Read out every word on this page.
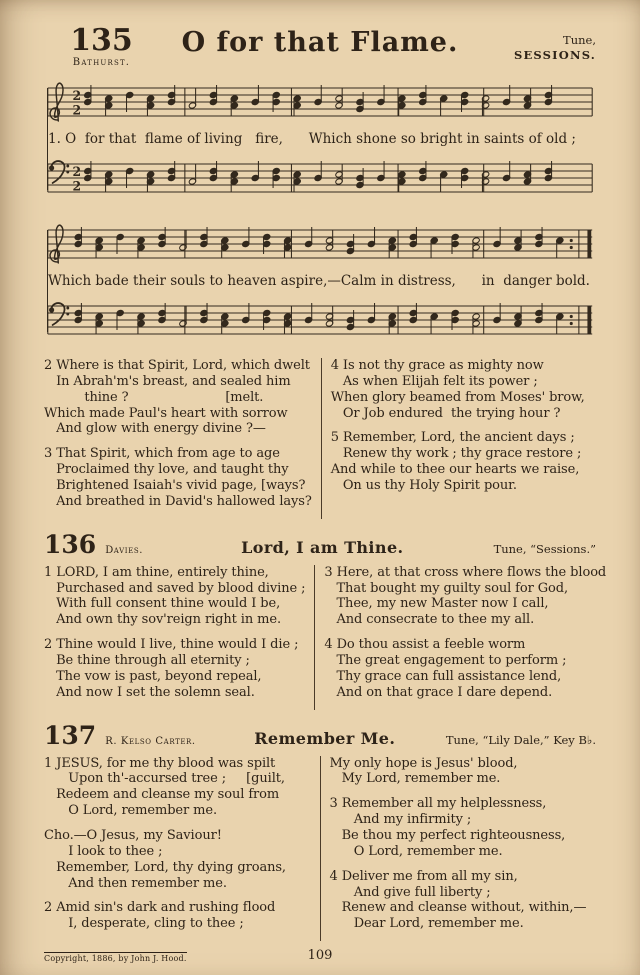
135
Bathurst.
O for that Flame.	Tune,
SESSIONS.
2
2
1. O  for that  flame of living   fire,      Which shone so bright in saints of old ;
2
2
Which bade their souls to heaven aspire,—Calm in distress,      in  danger bold.
2 Where is that Spirit, Lord, which dwelt
In Abrah'm's breast, and sealed him
thine ?                        [melt.
Which made Paul's heart with sorrow
And glow with energy divine ?—
3 That Spirit, which from age to age
Proclaimed thy love, and taught thy
Brightened Isaiah's vivid page, [ways?
And breathed in David's hallowed lays?
4 Is not thy grace as mighty now
As when Elijah felt its power ;
When glory beamed from Moses' brow,
Or Job endured  the trying hour ?
5 Remember, Lord, the ancient days ;
Renew thy work ; thy grace restore ;
And while to thee our hearts we raise,
On us thy Holy Spirit pour.
136 Davies.	Lord, I am Thine.	Tune, “Sessions.”
1 LORD, I am thine, entirely thine,
Purchased and saved by blood divine ;
With full consent thine would I be,
And own thy sov'reign right in me.
2 Thine would I live, thine would I die ;
Be thine through all eternity ;
The vow is past, beyond repeal,
And now I set the solemn seal.
3 Here, at that cross where flows the blood
That bought my guilty soul for God,
Thee, my new Master now I call,
And consecrate to thee my all.
4 Do thou assist a feeble worm
The great engagement to perform ;
Thy grace can full assistance lend,
And on that grace I dare depend.
137 R. Kelso Carter.	Remember Me.	Tune, “Lily Dale,” Key B♭.
1 JESUS, for me thy blood was spilt
Upon th'-accursed tree ;     [guilt,
Redeem and cleanse my soul from
O Lord, remember me.
Cho.—O Jesus, my Saviour!
I look to thee ;
Remember, Lord, thy dying groans,
And then remember me.
2 Amid sin's dark and rushing flood
I, desperate, cling to thee ;
My only hope is Jesus' blood,
My Lord, remember me.
3 Remember all my helplessness,
And my infirmity ;
Be thou my perfect righteousness,
O Lord, remember me.
4 Deliver me from all my sin,
And give full liberty ;
Renew and cleanse without, within,—
Dear Lord, remember me.
Copyright, 1886, by John J. Hood.	109
